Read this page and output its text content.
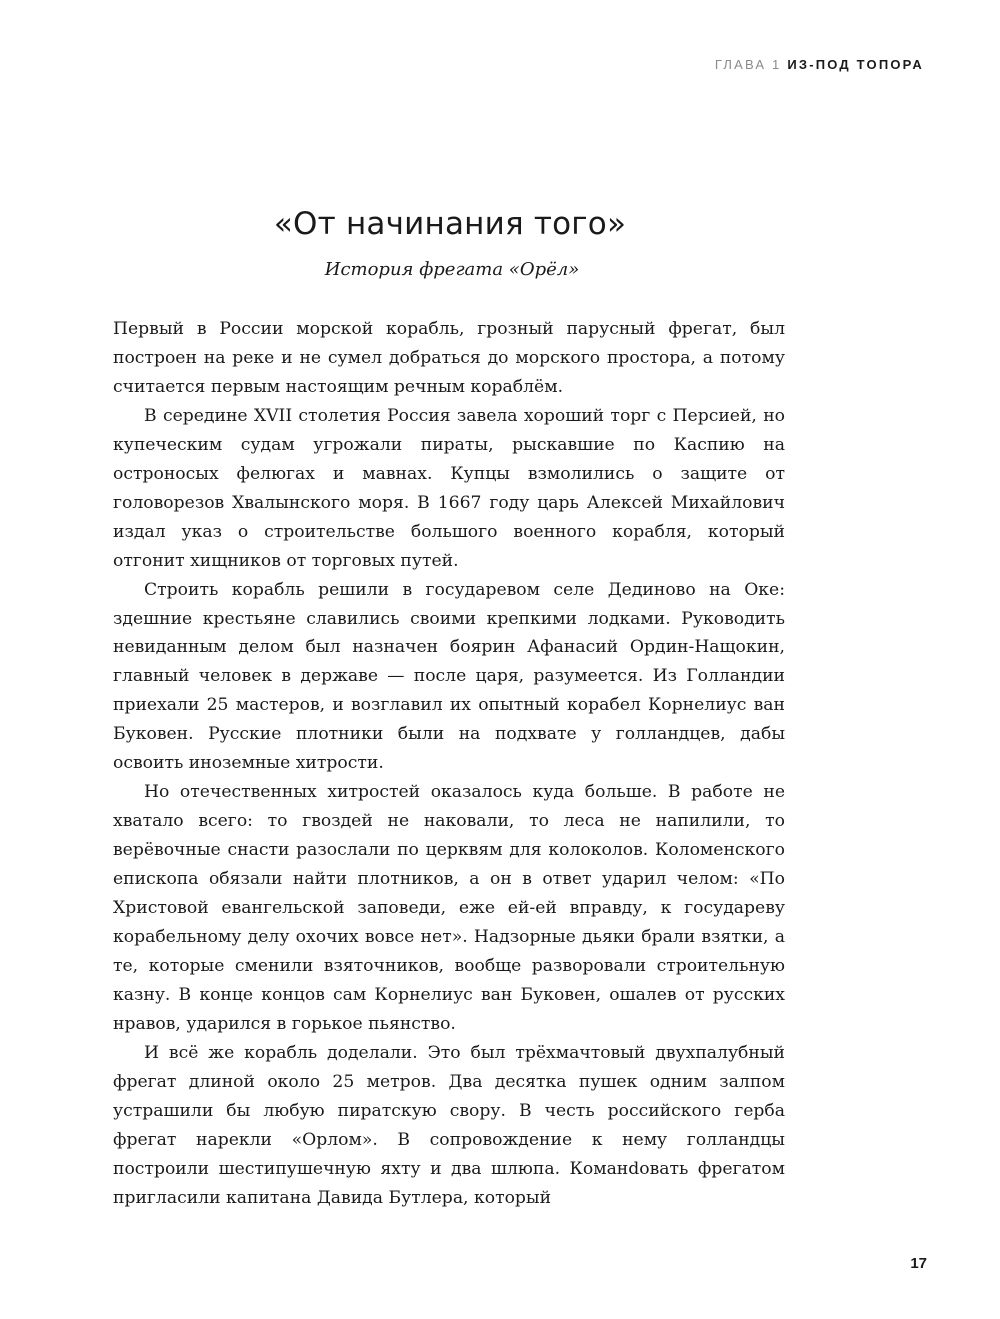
ГЛАВА 1 ИЗ-ПОД ТОПОРА
«От начинания того»
История фрегата «Орёл»

Первый в России морской корабль, грозный парусный фрегат, был построен на реке и не сумел добраться до морского простора, а потому считается первым настоящим речным кораблём.

В середине XVII столетия Россия завела хороший торг с Персией, но купеческим судам угрожали пираты, рыскавшие по Каспию на остроносых фелюгах и мавнах. Купцы взмолились о защите от головорезов Хвалынского моря. В 1667 году царь Алексей Михайлович издал указ о строительстве большого военного корабля, который отгонит хищников от торговых путей.

Строить корабль решили в государевом селе Дединово на Оке: здешние крестьяне славились своими крепкими лодками. Руководить невиданным делом был назначен боярин Афанасий Ордин-Нащокин, главный человек в державе — после царя, разумеется. Из Голландии приехали 25 мастеров, и возглавил их опытный корабел Корнелиус ван Буковен. Русские плотники были на подхвате у голландцев, дабы освоить иноземные хитрости.

Но отечественных хитростей оказалось куда больше. В работе не хватало всего: то гвоздей не наковали, то леса не напилили, то верёвочные снасти разослали по церквям для колоколов. Коломенского епископа обязали найти плотников, а он в ответ ударил челом: «По Христовой евангельской заповеди, еже ей-ей вправду, к государеву корабельному делу охочих вовсе нет». Надзорные дьяки брали взятки, а те, которые сменили взяточников, вообще разворовали строительную казну. В конце концов сам Корнелиус ван Буковен, ошалев от русских нравов, ударился в горькое пьянство.

И всё же корабль доделали. Это был трёхмачтовый двухпалубный фрегат длиной около 25 метров. Два десятка пушек одним залпом устрашили бы любую пиратскую свору. В честь российского герба фрегат нарекли «Орлом». В сопровождение к нему голландцы построили шестипушечную яхту и два шлюпа. Команdовать фрегатом пригласили капитана Давида Бутлера, который

17
